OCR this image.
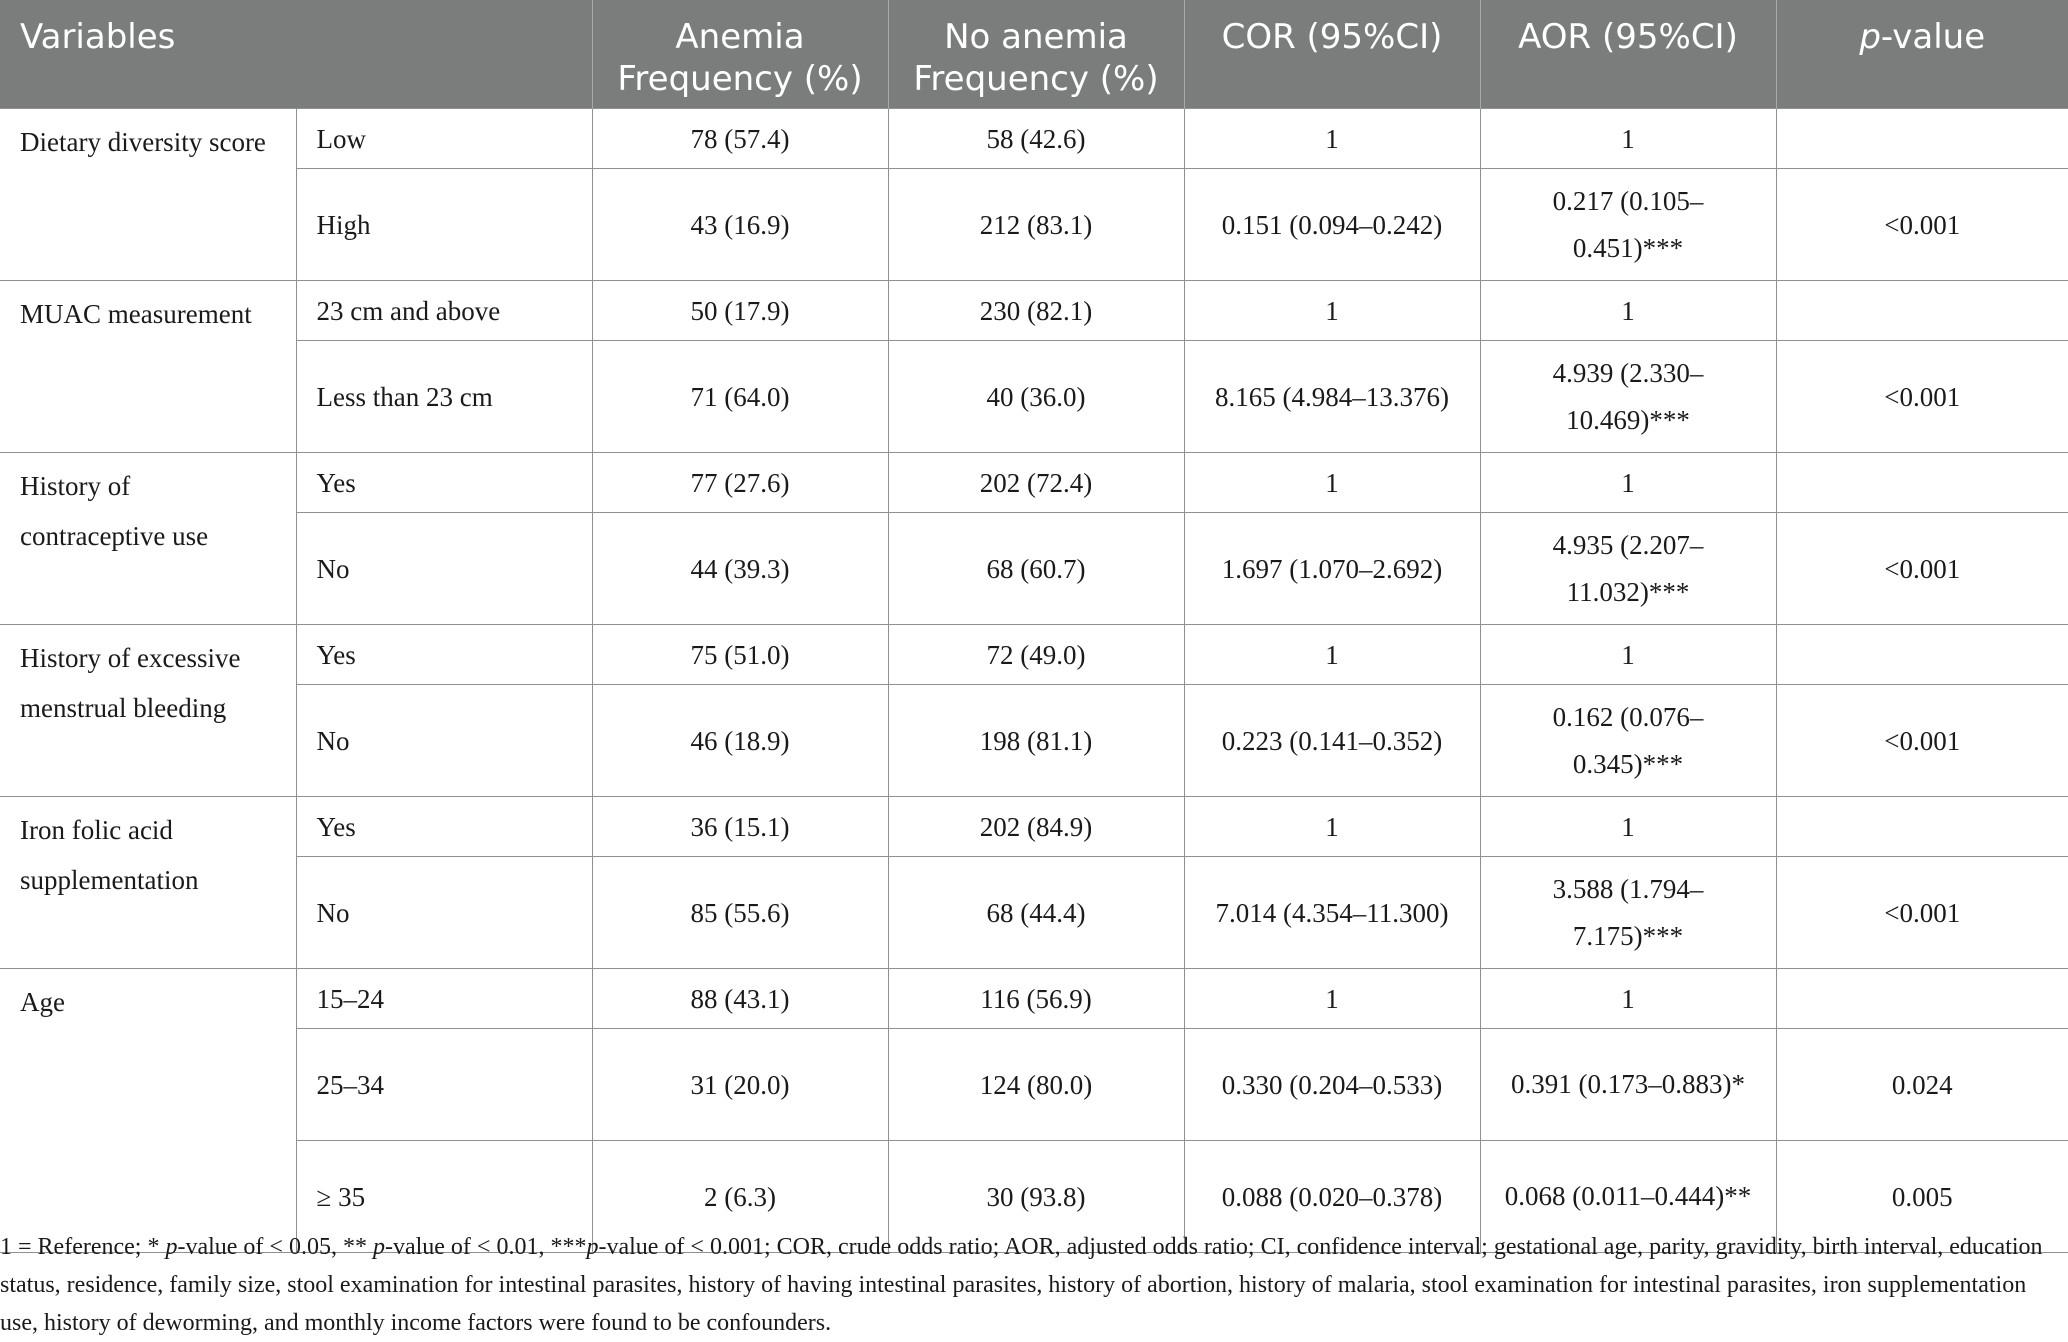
Variables		Anemia Frequency (%)	No anemia Frequency (%)	COR (95%CI)	AOR (95%CI)	p-value
Dietary diversity score	Low	78 (57.4)	58 (42.6)	1	1	
	High	43 (16.9)	212 (83.1)	0.151 (0.094–0.242)	0.217 (0.105–0.451)***	<0.001
MUAC measurement	23 cm and above	50 (17.9)	230 (82.1)	1	1	
	Less than 23 cm	71 (64.0)	40 (36.0)	8.165 (4.984–13.376)	4.939 (2.330–10.469)***	<0.001
History of contraceptive use	Yes	77 (27.6)	202 (72.4)	1	1	
	No	44 (39.3)	68 (60.7)	1.697 (1.070–2.692)	4.935 (2.207–11.032)***	<0.001
History of excessive menstrual bleeding	Yes	75 (51.0)	72 (49.0)	1	1	
	No	46 (18.9)	198 (81.1)	0.223 (0.141–0.352)	0.162 (0.076–0.345)***	<0.001
Iron folic acid supplementation	Yes	36 (15.1)	202 (84.9)	1	1	
	No	85 (55.6)	68 (44.4)	7.014 (4.354–11.300)	3.588 (1.794–7.175)***	<0.001
Age	15–24	88 (43.1)	116 (56.9)	1	1	
	25–34	31 (20.0)	124 (80.0)	0.330 (0.204–0.533)	0.391 (0.173–0.883)*	0.024
	≥ 35	2 (6.3)	30 (93.8)	0.088 (0.020–0.378)	0.068 (0.011–0.444)**	0.005
1 = Reference; * p-value of < 0.05, ** p-value of < 0.01, ***p-value of < 0.001; COR, crude odds ratio; AOR, adjusted odds ratio; CI, confidence interval; gestational age, parity, gravidity, birth interval, education status, residence, family size, stool examination for intestinal parasites, history of having intestinal parasites, history of abortion, history of malaria, stool examination for intestinal parasites, iron supplementation use, history of deworming, and monthly income factors were found to be confounders.
